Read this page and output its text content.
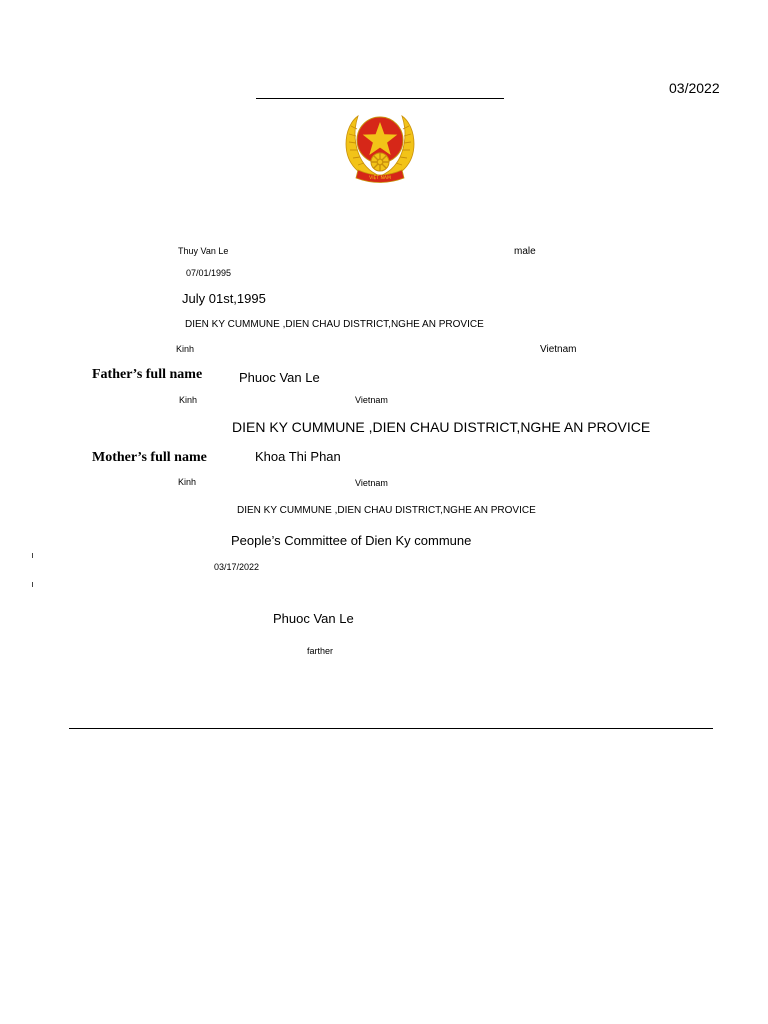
03/2022
VIỆT NAM
Thuy Van Le	male
07/01/1995
July 01st,1995
DIEN KY CUMMUNE ,DIEN CHAU DISTRICT,NGHE AN PROVICE
Kinh	Vietnam
Father’s full name	Phuoc Van Le
Kinh	Vietnam
DIEN KY CUMMUNE ,DIEN CHAU DISTRICT,NGHE AN PROVICE
Mother’s full name	Khoa Thi Phan
Kinh	Vietnam
DIEN KY CUMMUNE ,DIEN CHAU DISTRICT,NGHE AN PROVICE
People’s Committee of Dien Ky commune
03/17/2022
Phuoc Van Le
farther
